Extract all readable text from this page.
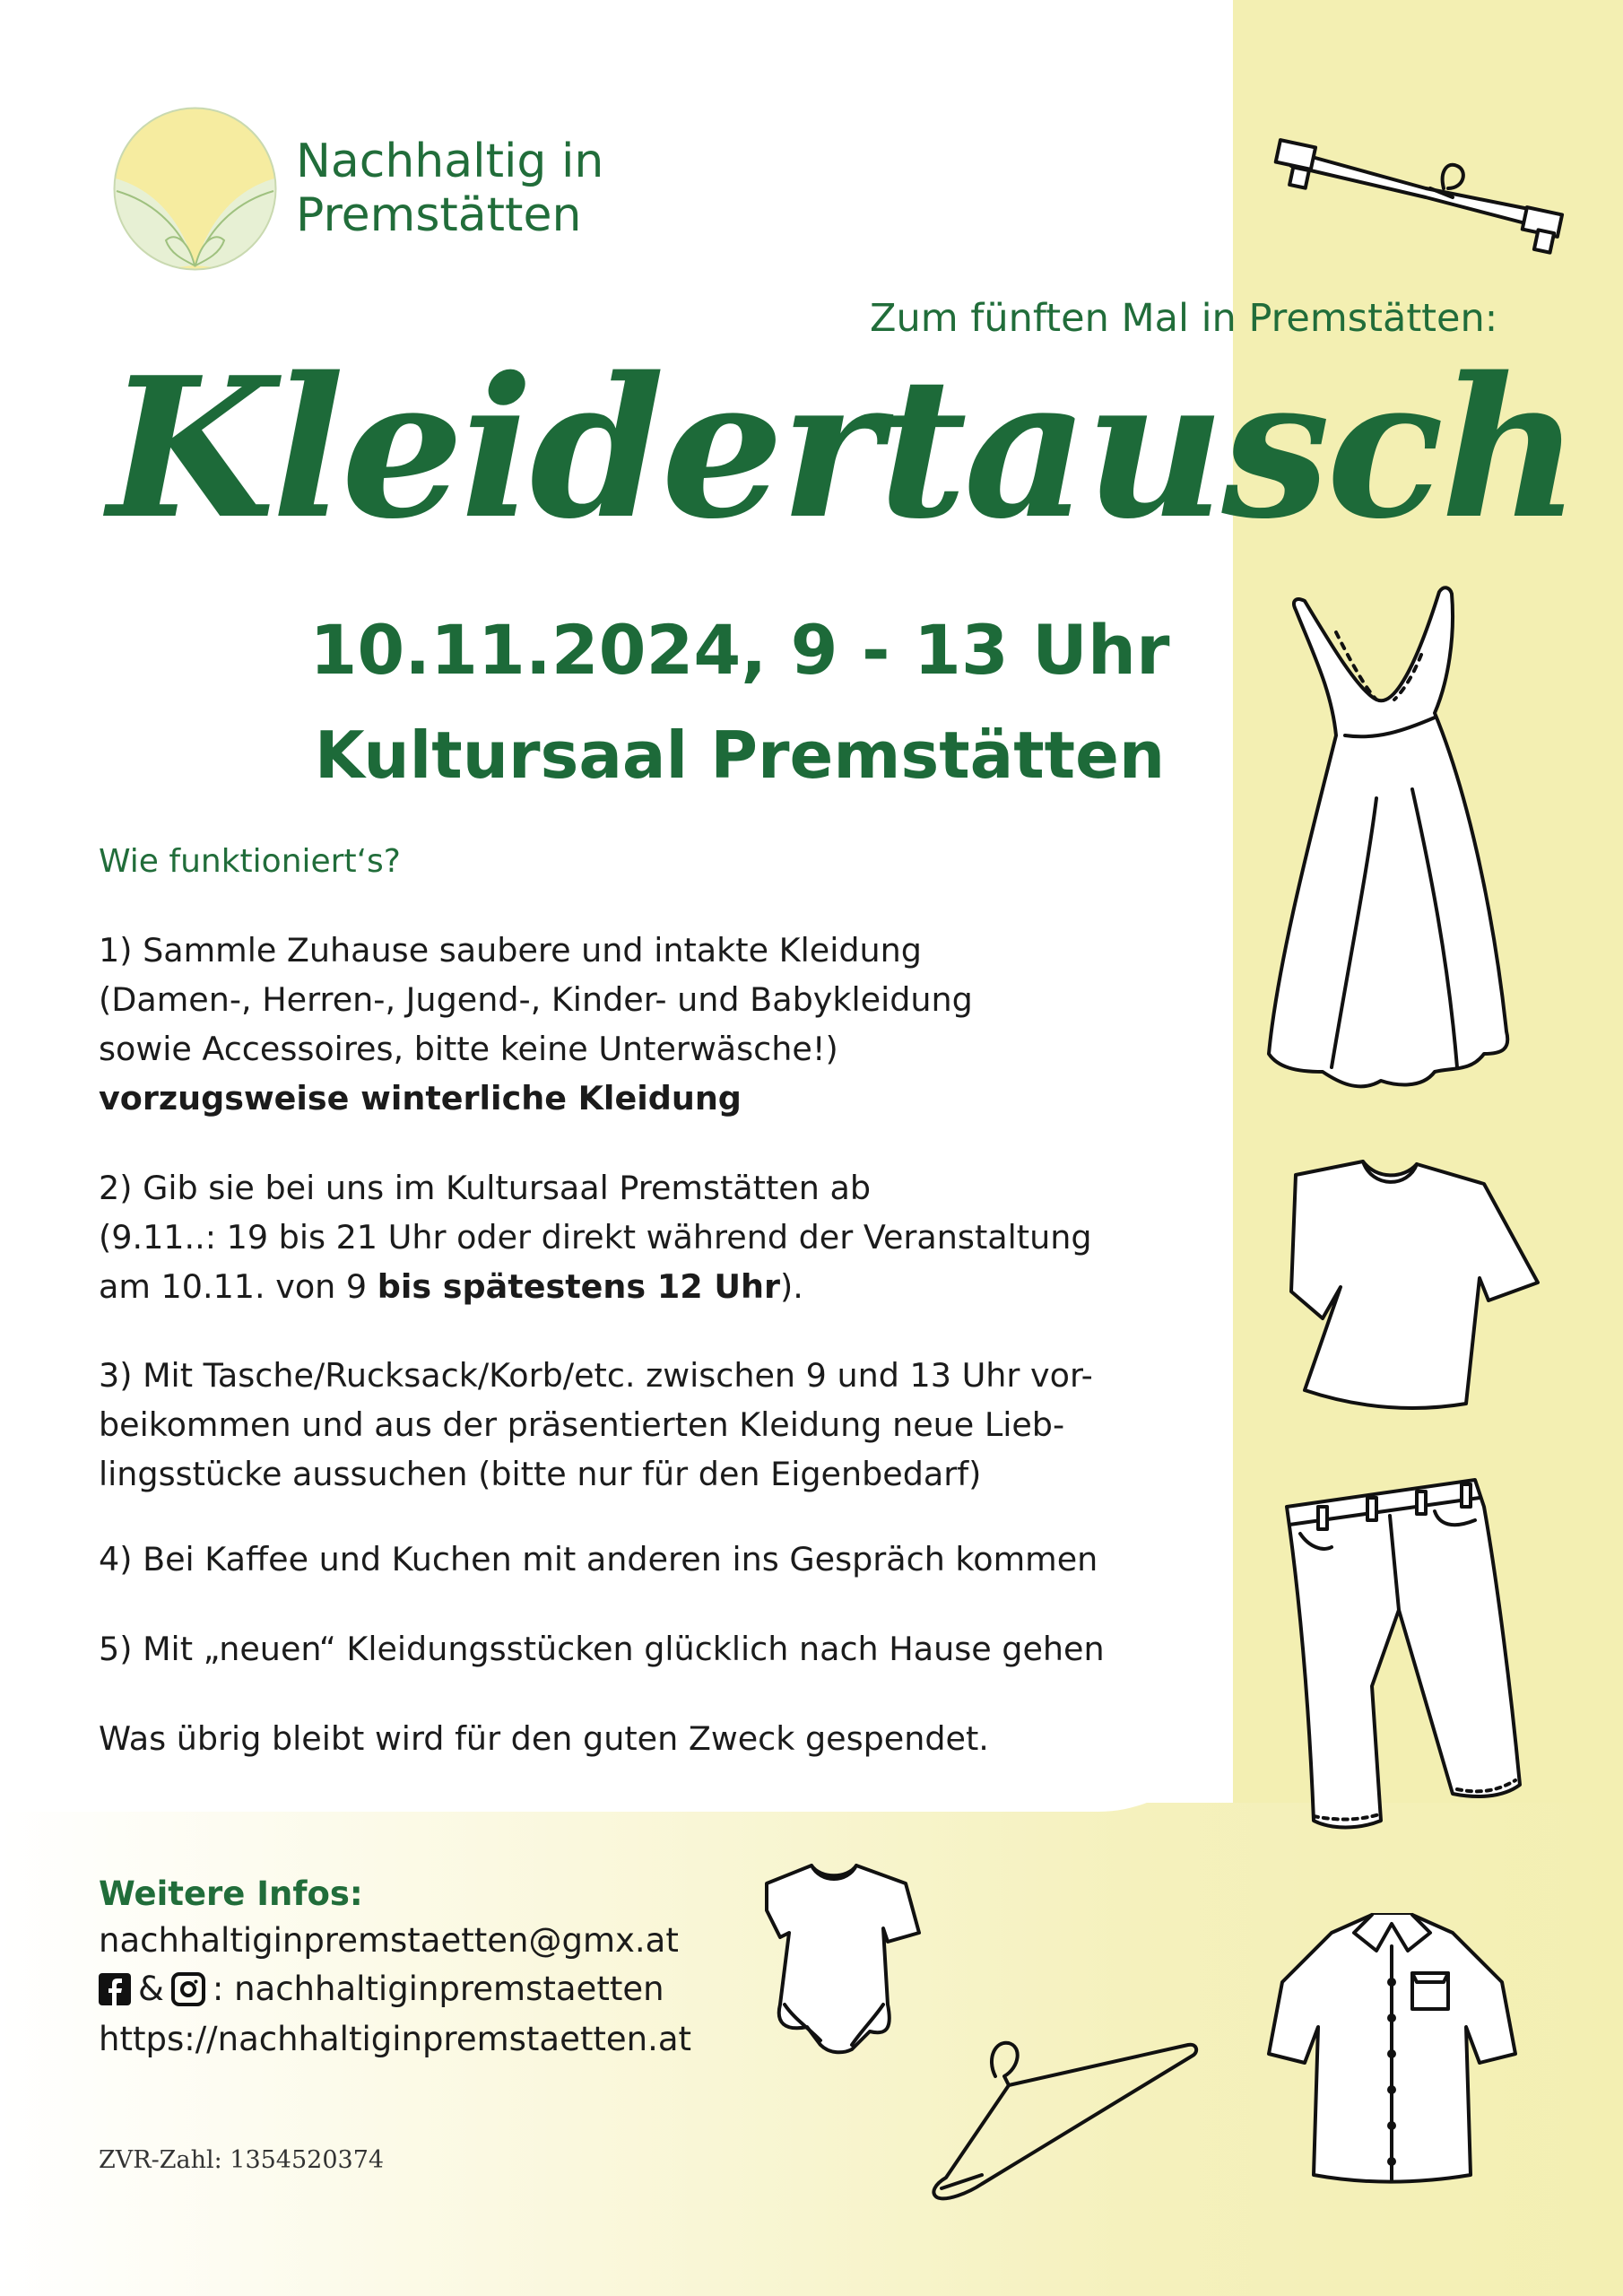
Nachhaltig in
Premstätten
Zum fünften Mal in Premstätten:
Kleidertausch
10.11.2024, 9 - 13 Uhr
Kultursaal Premstätten
Wie funktioniert‘s?
1) Sammle Zuhause saubere und intakte Kleidung
(Damen-, Herren-, Jugend-, Kinder- und Babykleidung
sowie Accessoires, bitte keine Unterwäsche!)
vorzugsweise winterliche Kleidung
2) Gib sie bei uns im Kultursaal Premstätten ab
(9.11..: 19 bis 21 Uhr oder direkt während der Veranstaltung
am 10.11. von 9 bis spätestens 12 Uhr).
3) Mit Tasche/Rucksack/Korb/etc. zwischen 9 und 13 Uhr vor-
beikommen und aus der präsentierten Kleidung neue Lieb-
lingsstücke aussuchen (bitte nur für den Eigenbedarf)
4) Bei Kaffee und Kuchen mit anderen ins Gespräch kommen
5) Mit „neuen“ Kleidungsstücken glücklich nach Hause gehen
Was übrig bleibt wird für den guten Zweck gespendet.
Weitere Infos:
nachhaltiginpremstaetten@gmx.at
& : nachhaltiginpremstaetten
https://nachhaltiginpremstaetten.at
ZVR-Zahl: 1354520374
